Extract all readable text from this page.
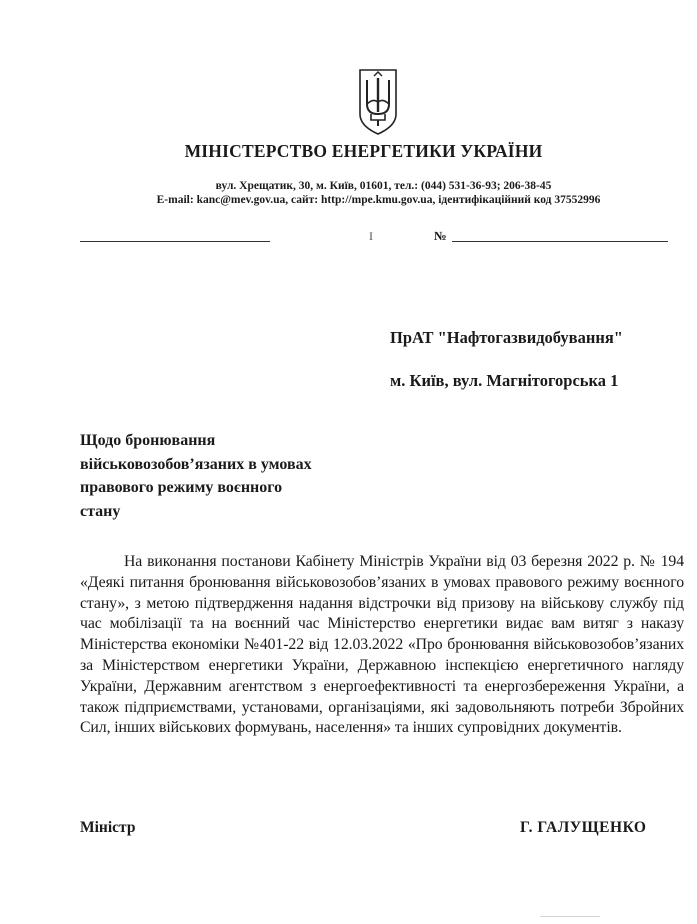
МІНІСТЕРСТВО ЕНЕРГЕТИКИ УКРАЇНИ
вул. Хрещатик, 30, м. Київ, 01601, тел.: (044) 531-36-93; 206-38-45
E-mail: kanc@mev.gov.ua, сайт: http://mpe.kmu.gov.ua, ідентифікаційний код 37552996
І	№
ПрАТ "Нафтогазвидобування"
м. Київ, вул. Магнітогорська 1
Щодо бронювання
військовозобов’язаних в умовах
правового режиму воєнного
стану
На виконання постанови Кабінету Міністрів України від 03 березня 2022 р. № 194 «Деякі питання бронювання військовозобов’язаних в умовах правового режиму воєнного стану», з метою підтвердження надання відстрочки від призову на військову службу під час мобілізації та на воєнний час Міністерство енергетики видає вам витяг з наказу Міністерства економіки №401-22 від 12.03.2022 «Про бронювання військовозобов’язаних за Міністерством енергетики України, Державною інспекцією енергетичного нагляду України, Державним агентством з енергоефективності та енергозбереження України, а також підприємствами, установами, організаціями, які задовольняють потреби Збройних Сил, інших військових формувань, населення» та інших супровідних документів.
Міністр	Г. ГАЛУЩЕНКО
